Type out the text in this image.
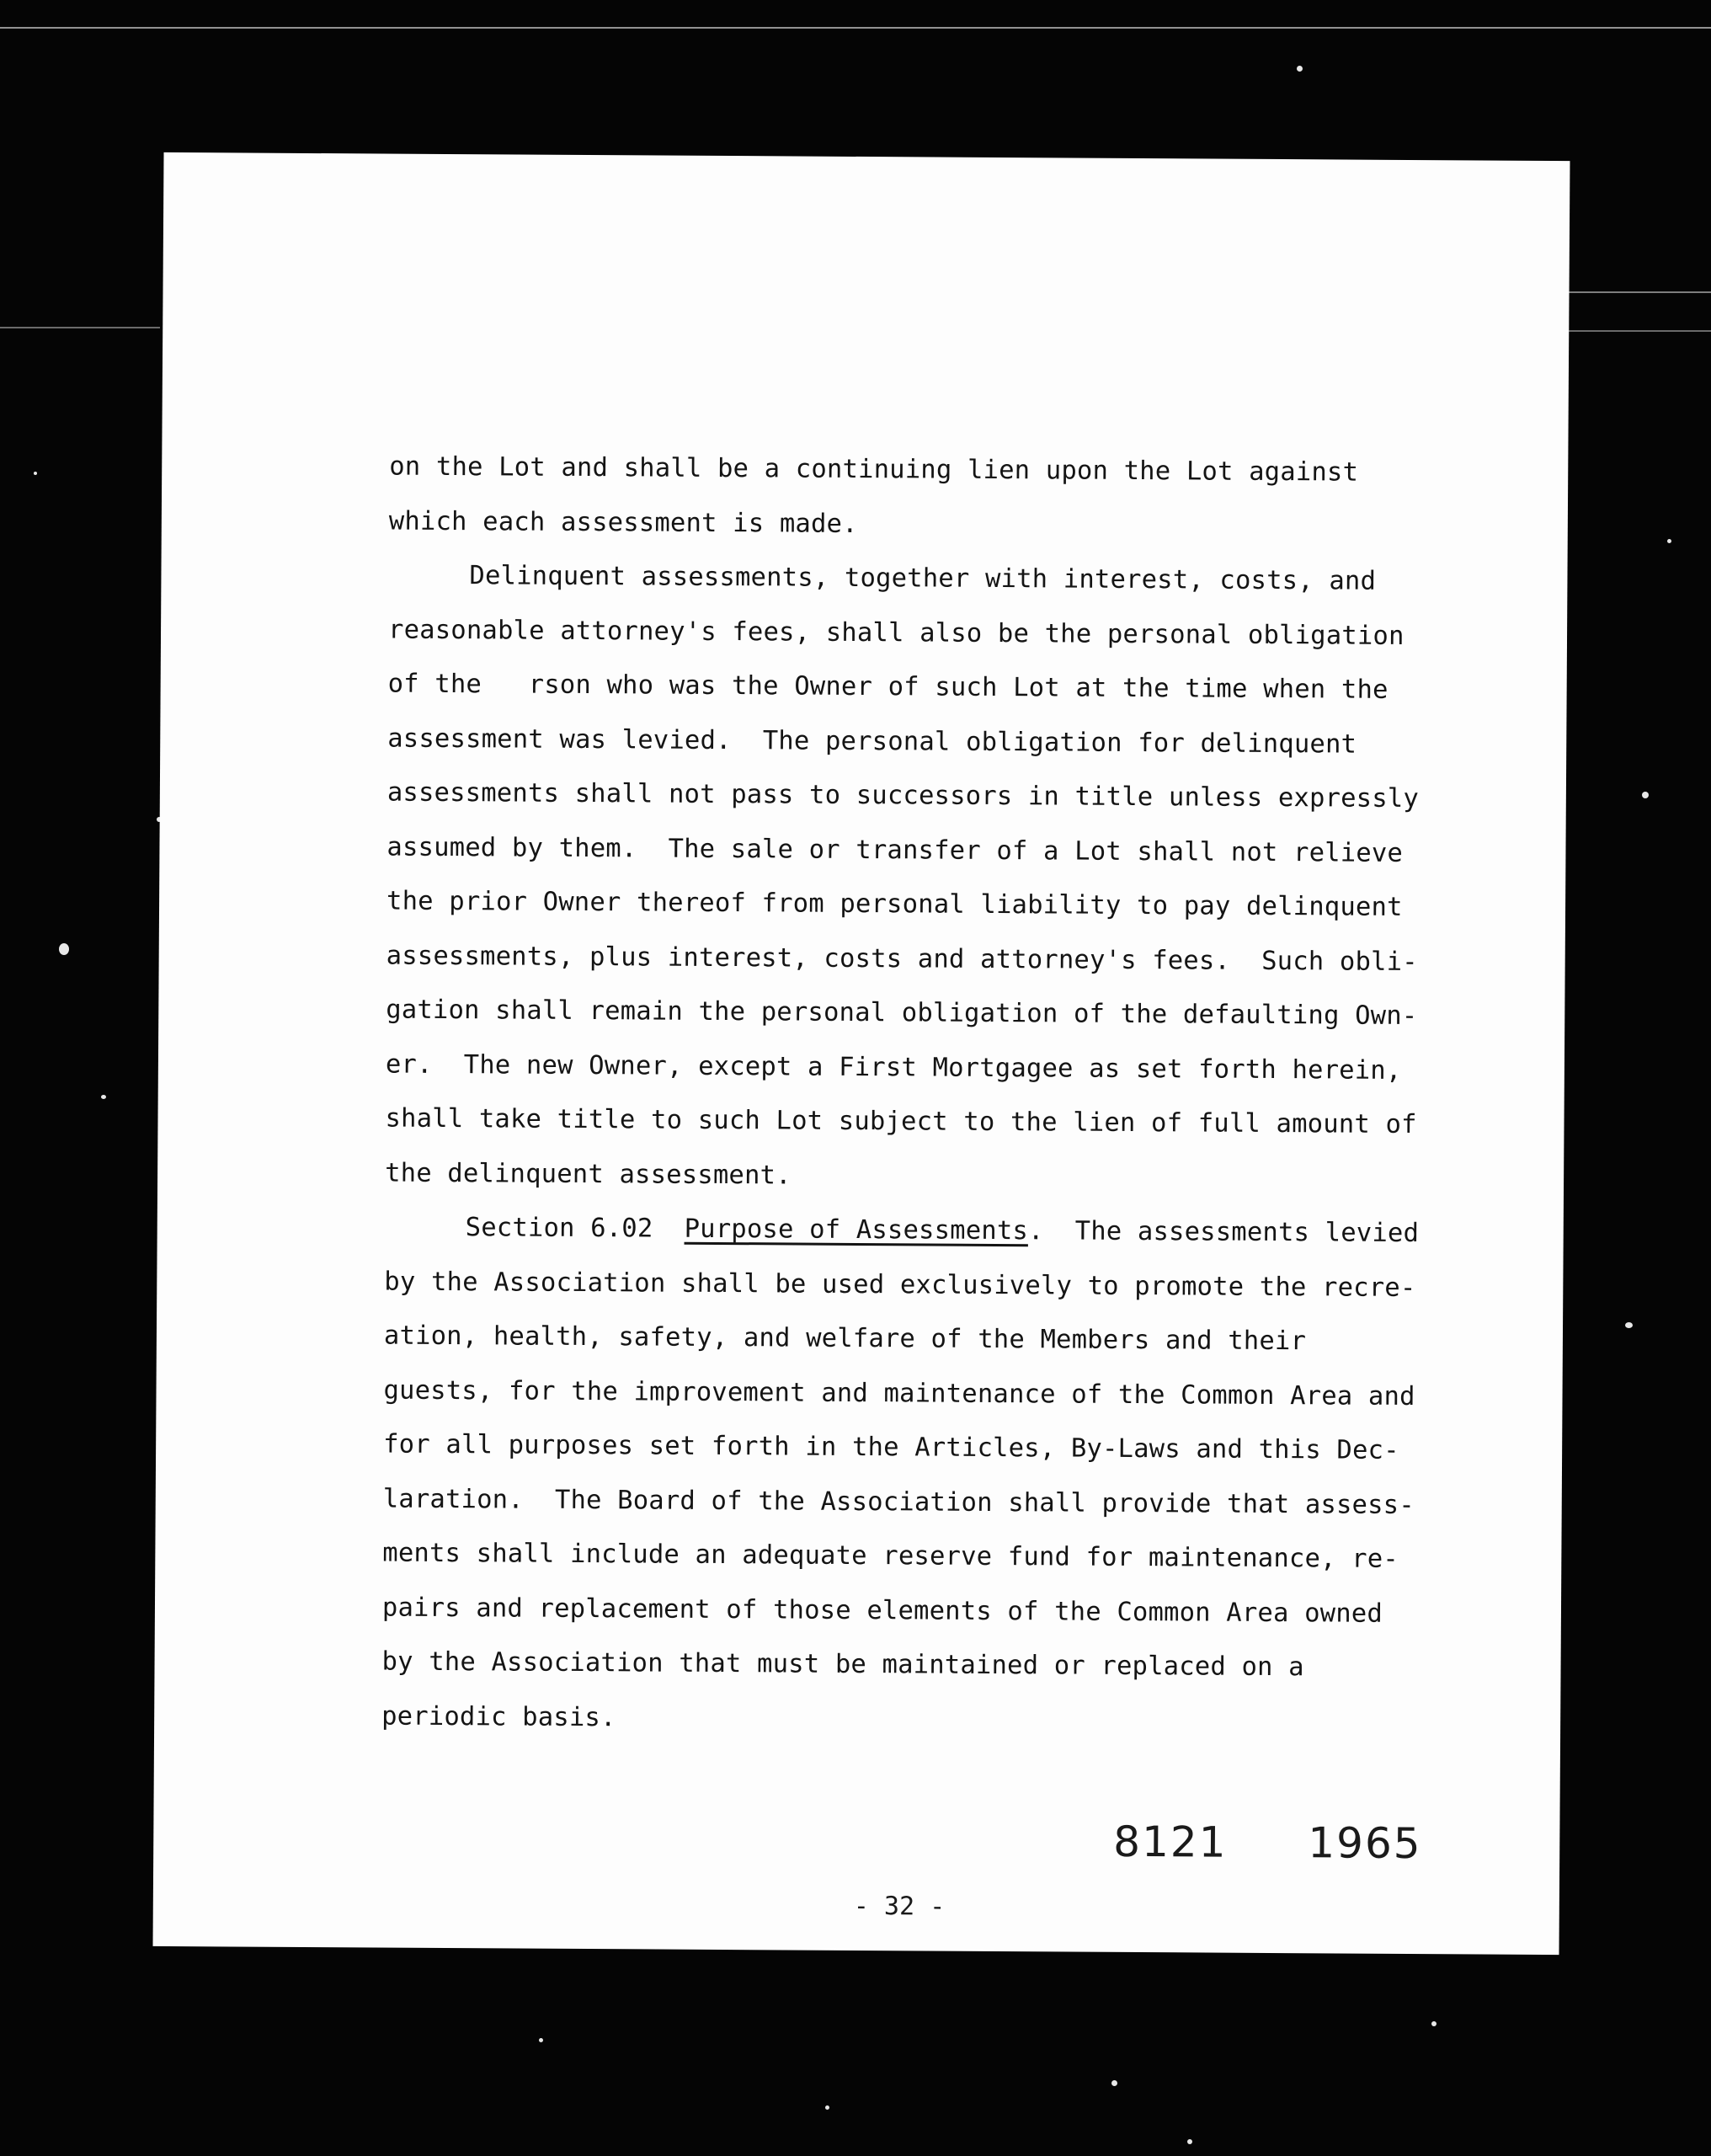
on the Lot and shall be a continuing lien upon the Lot against
which each assessment is made.
Delinquent assessments, together with interest, costs, and
reasonable attorney's fees, shall also be the personal obligation
of the   rson who was the Owner of such Lot at the time when the
assessment was levied.  The personal obligation for delinquent
assessments shall not pass to successors in title unless expressly
assumed by them.  The sale or transfer of a Lot shall not relieve
the prior Owner thereof from personal liability to pay delinquent
assessments, plus interest, costs and attorney's fees.  Such obli-
gation shall remain the personal obligation of the defaulting Own-
er.  The new Owner, except a First Mortgagee as set forth herein,
shall take title to such Lot subject to the lien of full amount of
the delinquent assessment.
Section 6.02 Purpose of Assessments.  The assessments levied
by the Association shall be used exclusively to promote the recre-
ation, health, safety, and welfare of the Members and their
guests, for the improvement and maintenance of the Common Area and
for all purposes set forth in the Articles, By-Laws and this Dec-
laration.  The Board of the Association shall provide that assess-
ments shall include an adequate reserve fund for maintenance, re-
pairs and replacement of those elements of the Common Area owned
by the Association that must be maintained or replaced on a
periodic basis.
8121  1965
- 32 -
